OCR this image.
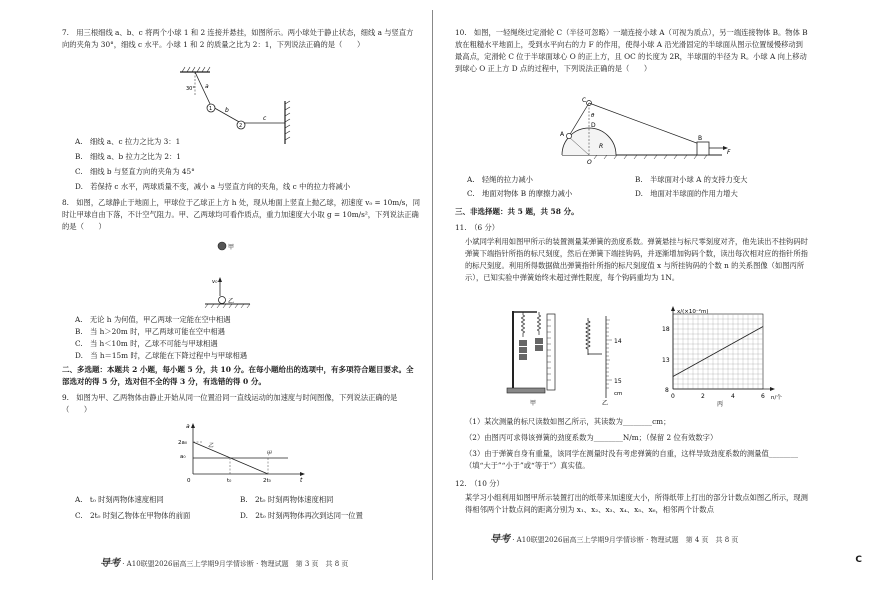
7.　用三根细线 a、b、c 将两个小球 1 和 2 连接并悬挂，如图所示。两小球处于静止状态，细线 a 与竖直方向的夹角为 30°，细线 c 水平。小球 1 和 2 的质量之比为 2：1，下列说法正确的是（　　）
30° a
b
c
1
2
A.　细线 a、c 拉力之比为 3：1
B.　细线 a、b 拉力之比为 2：1
C.　细线 b 与竖直方向的夹角为 45°
D.　若保持 c 水平，两球质量不变，减小 a 与竖直方向的夹角，线 c 中的拉力将减小
8.　如图，乙球静止于地面上，甲球位于乙球正上方 h 处，现从地面上竖直上抛乙球，初速度 v₀ = 10m/s，同时让甲球自由下落，不计空气阻力。甲、乙两球均可看作质点，重力加速度大小取 g = 10m/s²，下列说法正确的是（　　）
甲
v₀
乙
A.　无论 h 为何值，甲乙两球一定能在空中相遇
B.　当 h＞20m 时，甲乙两球可能在空中相遇
C.　当 h＜10m 时，乙球不可能与甲球相遇
D.　当 h＝15m 时，乙球能在下降过程中与甲球相遇
二、多选题：本题共 2 小题，每小题 5 分，共 10 分。在每小题给出的选项中，有多项符合题目要求。全部选对的得 5 分，选对但不全的得 3 分，有选错的得 0 分。
9.　如图为甲、乙两物体由静止开始从同一位置沿同一直线运动的加速度与时间图像，下列说法正确的是（　　）
a
t
0
2a₀
a₀
t₀	2t₀
乙
甲
A.　t₀ 时刻两物体速度相同	B.　2t₀ 时刻两物体速度相同
C.　2t₀ 时刻乙物体在甲物体的前面	D.　2t₀ 时刻两物体再次到达同一位置
导考 · A10联盟2026届高三上学期9月学情诊断 · 物理试题　第 3 页　共 8 页
10.　如图，一轻绳绕过定滑轮 C（半径可忽略）一端连接小球 A（可视为质点），另一端连接物体 B。物体 B 放在粗糙水平地面上，受到水平向右的力 F 的作用，使得小球 A 沿光滑固定的半球面从图示位置缓慢移动到最高点，定滑轮 C 位于半球面球心 O 的正上方，且 OC 的长度为 2R，半球面的半径为 R。小球 A 向上移动到球心 O 正上方 D 点的过程中，下列说法正确的是（　　）
C
θ
D
A
O
R
B
F
A.　轻绳的拉力减小	B.　半球面对小球 A 的支持力变大
C.　地面对物体 B 的摩擦力减小	D.　地面对半球面的作用力增大
三、非选择题：共 5 题，共 58 分。
11.　（6 分）
小斌同学利用如图甲所示的装置测量某弹簧的劲度系数。弹簧悬挂与标尺零刻度对齐，他先读出不挂钩码时弹簧下端指针所指的标尺刻度，然后在弹簧下端挂钩码，并逐渐增加钩码个数，读出每次相对应的指针所指的标尺刻度。利用所得数据做出弹簧指针所指的标尺刻度值 x 与所挂钩码的个数 n 的关系图像（如图丙所示），已知实验中弹簧始终未超过弹性限度，每个钩码重均为 1N。
甲
14
15
cm
乙
x/(×10⁻²m)
n/个
18
13
8
0	2	4	6
丙
（1）某次测量的标尺读数如图乙所示，其读数为________cm；
（2）由图丙可求得该弹簧的劲度系数为________N/m；（保留 2 位有效数字）
（3）由于弹簧自身有重量，该同学在测量时没有考虑弹簧的自重，这样导致劲度系数的测量值________（填“大于”“小于”或“等于”）真实值。
12.　（10 分）
某学习小组利用如图甲所示装置打出的纸带来加速度大小，所得纸带上打出的部分计数点如图乙所示，现测得相邻两个计数点间的距离分别为 x₁、x₂、x₃、x₄、x₅、x₆，相邻两个计数点
导考 · A10联盟2026届高三上学期9月学情诊断 · 物理试题　第 4 页　共 8 页
C
